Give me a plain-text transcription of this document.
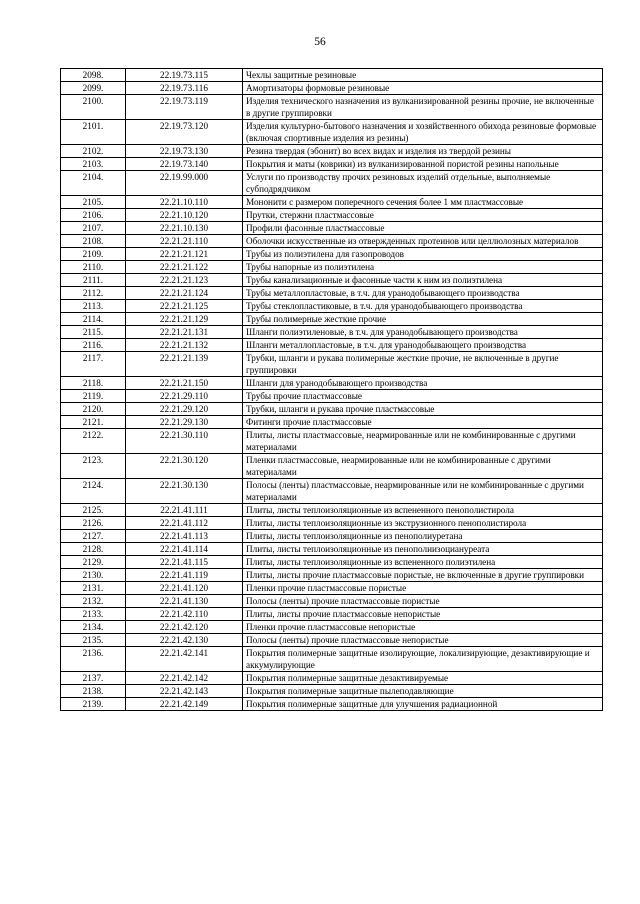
56
2098.	22.19.73.115	Чехлы защитные резиновые
2099.	22.19.73.116	Амортизаторы формовые резиновые
2100.	22.19.73.119	Изделия технического назначения из вулканизированной резины прочие, не включенные в другие группировки
2101.	22.19.73.120	Изделия культурно-бытового назначения и хозяйственного обихода резиновые формовые (включая спортивные изделия из резины)
2102.	22.19.73.130	Резина твердая (эбонит) во всех видах и изделия из твердой резины
2103.	22.19.73.140	Покрытия и маты (коврики) из вулканизированной пористой резины напольные
2104.	22.19.99.000	Услуги по производству прочих резиновых изделий отдельные, выполняемые субподрядчиком
2105.	22.21.10.110	Мононити с размером поперечного сечения более 1 мм пластмассовые
2106.	22.21.10.120	Прутки, стержни пластмассовые
2107.	22.21.10.130	Профили фасонные пластмассовые
2108.	22.21.21.110	Оболочки искусственные из отвержденных протеинов или целлюлозных материалов
2109.	22.21.21.121	Трубы из полиэтилена для газопроводов
2110.	22.21.21.122	Трубы напорные из полиэтилена
2111.	22.21.21.123	Трубы канализационные и фасонные части к ним из полиэтилена
2112.	22.21.21.124	Трубы металлопластовые, в т.ч. для уранодобывающего производства
2113.	22.21.21.125	Трубы стеклопластиковые, в т.ч. для уранодобывающего производства
2114.	22.21.21.129	Трубы полимерные жесткие прочие
2115.	22.21.21.131	Шланги полиэтиленовые, в т.ч. для уранодобывающего производства
2116.	22.21.21.132	Шланги металлопластовые, в т.ч. для уранодобывающего производства
2117.	22.21.21.139	Трубки, шланги и рукава полимерные жесткие прочие, не включенные в другие группировки
2118.	22.21.21.150	Шланги для уранодобывающего производства
2119.	22.21.29.110	Трубы прочие пластмассовые
2120.	22.21.29.120	Трубки, шланги и рукава прочие пластмассовые
2121.	22.21.29.130	Фитинги прочие пластмассовые
2122.	22.21.30.110	Плиты, листы пластмассовые, неармированные или не комбинированные с другими материалами
2123.	22.21.30.120	Пленки пластмассовые, неармированные или не комбинированные с другими материалами
2124.	22.21.30.130	Полосы (ленты) пластмассовые, неармированные или не комбинированные с другими материалами
2125.	22.21.41.111	Плиты, листы теплоизоляционные из вспененного пенополистирола
2126.	22.21.41.112	Плиты, листы теплоизоляционные из экструзионного пенополистирола
2127.	22.21.41.113	Плиты, листы теплоизоляционные из пенополиуретана
2128.	22.21.41.114	Плиты, листы теплоизоляционные из пенополиизоциануреата
2129.	22.21.41.115	Плиты, листы теплоизоляционные из вспененного полиэтилена
2130.	22.21.41.119	Плиты, листы прочие пластмассовые пористые, не включенные в другие группировки
2131.	22.21.41.120	Пленки прочие пластмассовые пористые
2132.	22.21.41.130	Полосы (ленты) прочие пластмассовые пористые
2133.	22.21.42.110	Плиты, листы прочие пластмассовые непористые
2134.	22.21.42.120	Пленки прочие пластмассовые непористые
2135.	22.21.42.130	Полосы (ленты) прочие пластмассовые непористые
2136.	22.21.42.141	Покрытия полимерные защитные изолирующие, локализирующие, дезактивирующие и аккумулирующие
2137.	22.21.42.142	Покрытия полимерные защитные дезактивируемые
2138.	22.21.42.143	Покрытия полимерные защитные пылеподавляющие
2139.	22.21.42.149	Покрытия полимерные защитные для улучшения радиационной
